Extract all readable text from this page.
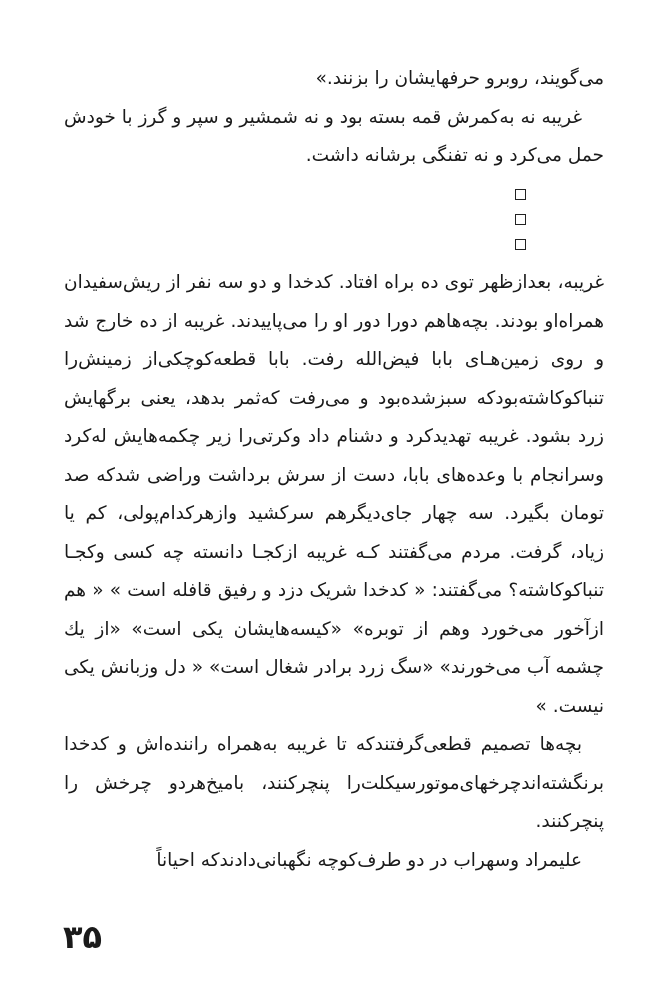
می‌گویند، روبرو حرفهایشان را بزنند.»

غریبه نه به‌کمرش قمه بسته بود و نه شمشیر و سپر و گرز با خودش حمل می‌کرد و نه تفنگی برشانه داشت.

غریبه، بعدازظهر توی ده براه افتاد. کدخدا و دو سه نفر از ریش‌سفیدان همراه‌او بودند. بچه‌هاهم دورا دور او را می‌پاییدند. غریبه از ده خارج شد و روی زمین‌هـای بابا فیض‌الله رفت. بابا قطعه‌کوچکی‌از زمینش‌را تنباکوکاشته‌بودکه سبزشده‌بود و می‌رفت که‌ثمر بدهد، یعنی برگهایش زرد بشود. غریبه تهدیدکرد و دشنام داد وکرتی‌را زیر چکمه‌هایش له‌کرد وسرانجام با وعده‌های بابا، دست از سرش برداشت وراضی شدکه صد تومان بگیرد. سه چهار جای‌دیگرهم سرکشید وازهرکدام‌پولی، کم یا زیاد، گرفت. مردم می‌گفتند کـه غریبه ازکجـا دانسته چه کسی وکجـا تنباکوکاشته؟ می‌گفتند: « کدخدا شریک دزد و رفیق قافله است » « هم ازآخور می‌خورد وهم از توبره» «کیسه‌هایشان یکی است» «از یك چشمه آب می‌خورند» «سگ زرد برادر شغال است» « دل وزبانش یکی نیست. »

بچه‌ها تصمیم قطعی‌گرفتندکه تا غریبه به‌همراه راننده‌اش و کدخدا برنگشته‌اندچرخهای‌موتورسیکلت‌را پنچرکنند، بامیخ‌هردو چرخش را پنچرکنند.

علیمراد وسهراب در دو طرف‌کوچه نگهبانی‌دادندکه احیاناً

۳۵
